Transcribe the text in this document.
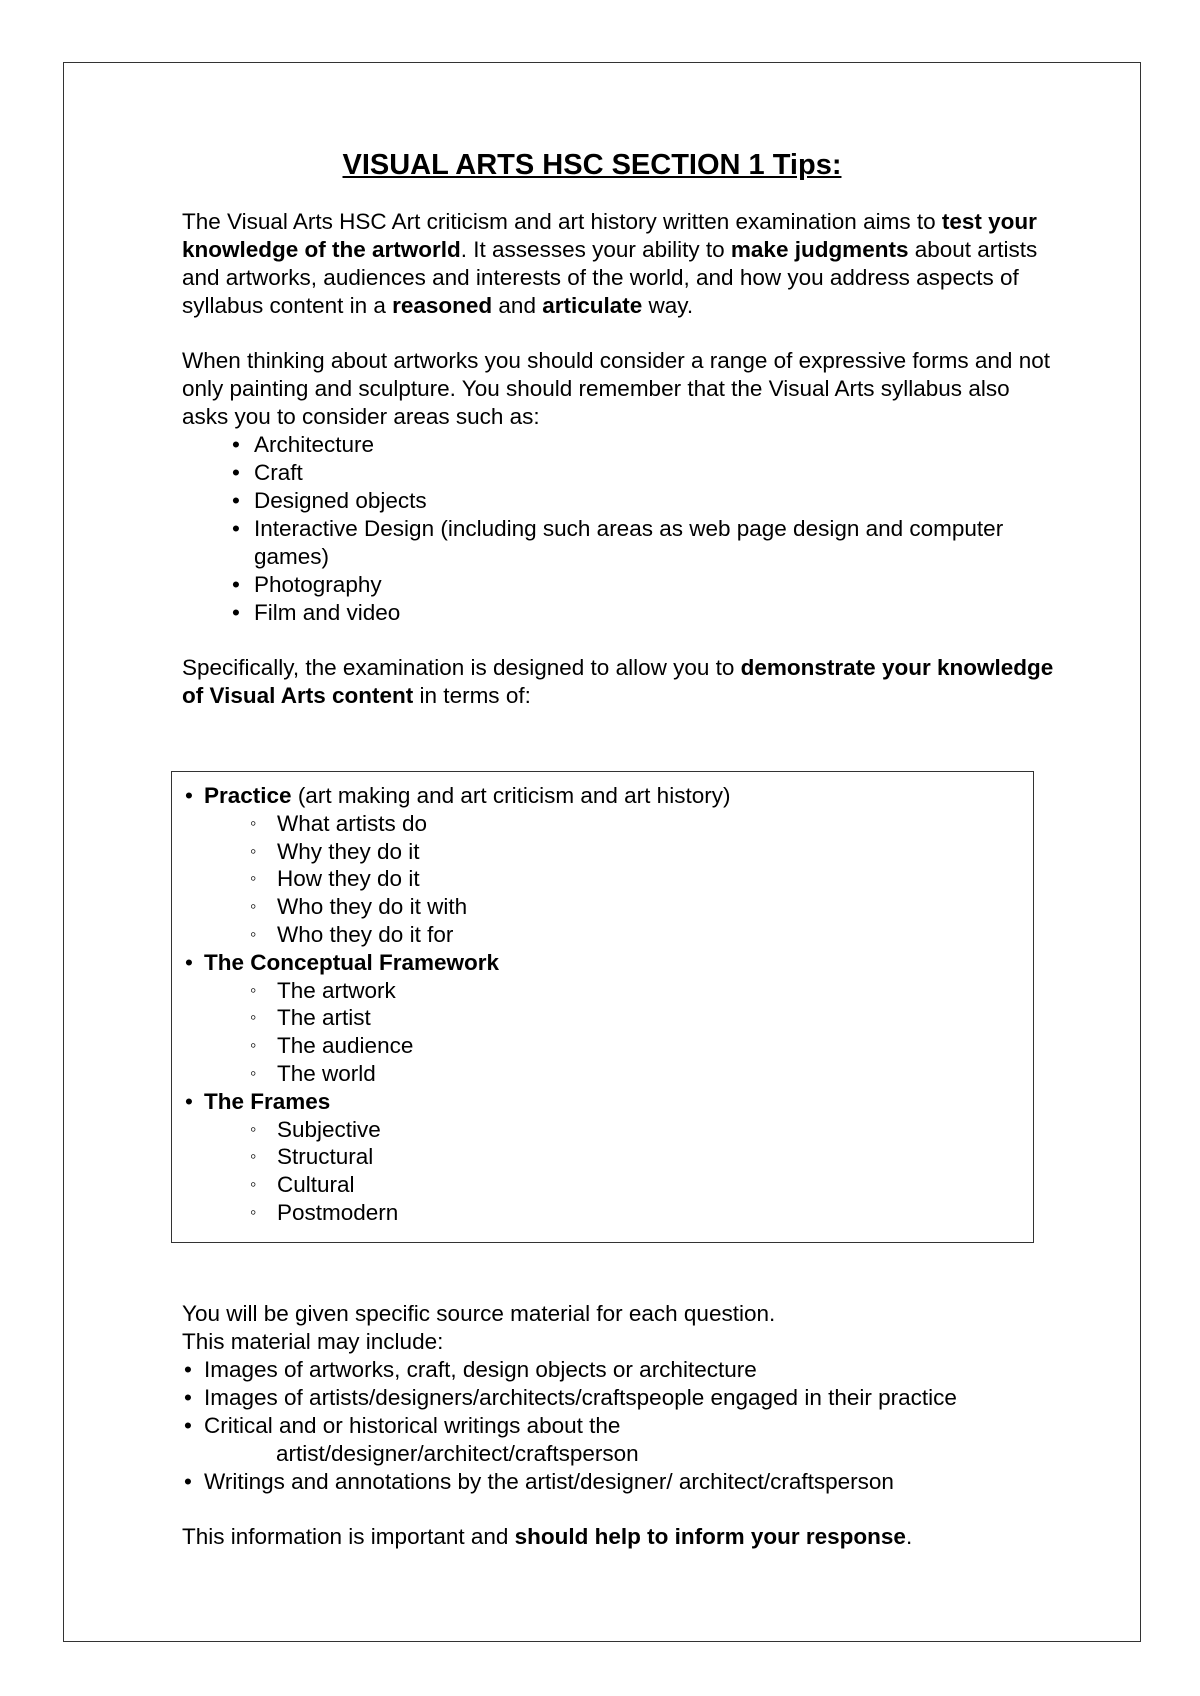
VISUAL ARTS HSC SECTION 1 Tips:

The Visual Arts HSC Art criticism and art history written examination aims to test your knowledge of the artworld. It assesses your ability to make judgments about artists and artworks, audiences and interests of the world, and how you address aspects of syllabus content in a reasoned and articulate way.

When thinking about artworks you should consider a range of expressive forms and not only painting and sculpture. You should remember that the Visual Arts syllabus also asks you to consider areas such as:

• Architecture
• Craft
• Designed objects
• Interactive Design (including such areas as web page design and computer games)
• Photography
• Film and video

Specifically, the examination is designed to allow you to demonstrate your knowledge of Visual Arts content in terms of:

• Practice (art making and art criticism and art history)
◦ What artists do
◦ Why they do it
◦ How they do it
◦ Who they do it with
◦ Who they do it for
• The Conceptual Framework
◦ The artwork
◦ The artist
◦ The audience
◦ The world
• The Frames
◦ Subjective
◦ Structural
◦ Cultural
◦ Postmodern

You will be given specific source material for each question.

This material may include:

• Images of artworks, craft, design objects or architecture
• Images of artists/designers/architects/craftspeople engaged in their practice
• Critical and or historical writings about the
artist/designer/architect/craftsperson
• Writings and annotations by the artist/designer/ architect/craftsperson

This information is important and should help to inform your response.
